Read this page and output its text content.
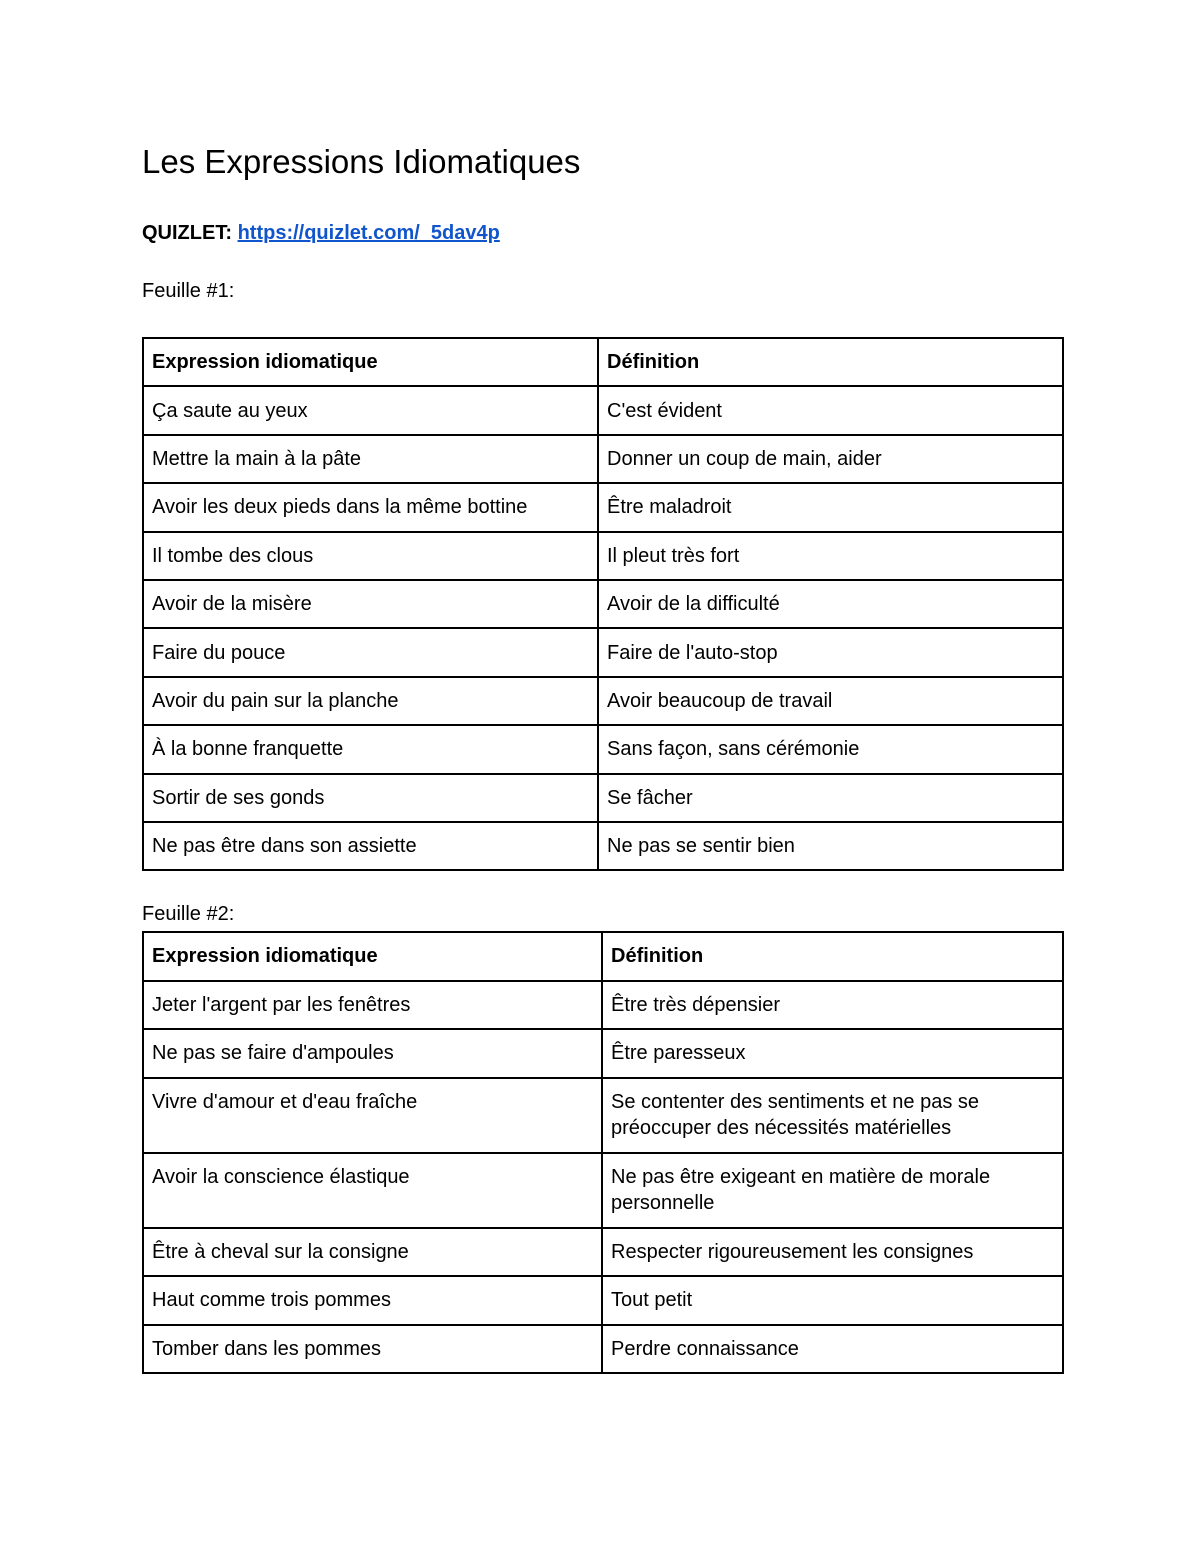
Les Expressions Idiomatiques
QUIZLET: https://quizlet.com/_5dav4p
Feuille #1:
Expression idiomatique	Définition
Ça saute au yeux	C'est évident
Mettre la main à la pâte	Donner un coup de main, aider
Avoir les deux pieds dans la même bottine	Être maladroit
Il tombe des clous	Il pleut très fort
Avoir de la misère	Avoir de la difficulté
Faire du pouce	Faire de l'auto-stop
Avoir du pain sur la planche	Avoir beaucoup de travail
À la bonne franquette	Sans façon, sans cérémonie
Sortir de ses gonds	Se fâcher
Ne pas être dans son assiette	Ne pas se sentir bien
Feuille #2:
Expression idiomatique	Définition
Jeter l'argent par les fenêtres	Être très dépensier
Ne pas se faire d'ampoules	Être paresseux
Vivre d'amour et d'eau fraîche	Se contenter des sentiments et ne pas se préoccuper des nécessités matérielles
Avoir la conscience élastique	Ne pas être exigeant en matière de morale personnelle
Être à cheval sur la consigne	Respecter rigoureusement les consignes
Haut comme trois pommes	Tout petit
Tomber dans les pommes	Perdre connaissance
